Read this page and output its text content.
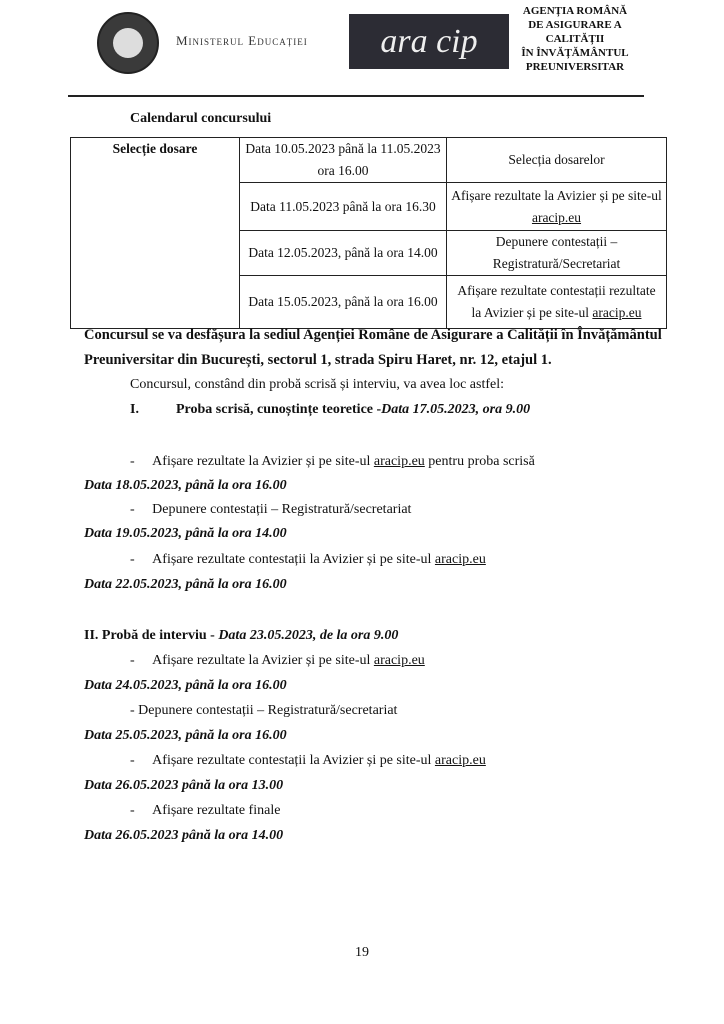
Ministerul Educației	ara cip
AGENȚIA ROMÂNĂ
DE ASIGURARE A
CALITĂȚII
ÎN ÎNVĂȚĂMÂNTUL
PREUNIVERSITAR
Calendarul concursului
Selecție dosare	Data 10.05.2023 până la 11.05.2023 ora 16.00	Selecția dosarelor
	Data 11.05.2023 până la ora 16.30	Afișare rezultate la Avizier și pe site-ul aracip.eu
	Data 12.05.2023, până la ora 14.00	Depunere contestații – Registratură/Secretariat
	Data 15.05.2023, până la ora 16.00	Afișare rezultate contestații rezultate la Avizier și pe site-ul aracip.eu
Concursul se va desfășura la sediul Agenției Române de Asigurare a Calității în Învățământul
Preuniversitar din București, sectorul 1, strada Spiru Haret, nr. 12, etajul 1.
Concursul, constând din probă scrisă și interviu, va avea loc astfel:
I.	Proba scrisă, cunoștințe teoretice -Data 17.05.2023, ora 9.00
-     Afișare rezultate la Avizier și pe site-ul aracip.eu pentru proba scrisă
Data 18.05.2023, până la ora 16.00
-     Depunere contestații – Registratură/secretariat
Data 19.05.2023, până la ora 14.00
-     Afișare rezultate contestații la Avizier și pe site-ul aracip.eu
Data 22.05.2023, până la ora 16.00
II. Probă de interviu - Data 23.05.2023, de la ora 9.00
-     Afișare rezultate la Avizier și pe site-ul aracip.eu
Data 24.05.2023, până la ora 16.00
- Depunere contestații – Registratură/secretariat
Data 25.05.2023, până la ora 16.00
-     Afișare rezultate contestații la Avizier și pe site-ul aracip.eu
Data 26.05.2023 până la ora 13.00
-     Afișare rezultate finale
Data 26.05.2023 până la ora 14.00
19
